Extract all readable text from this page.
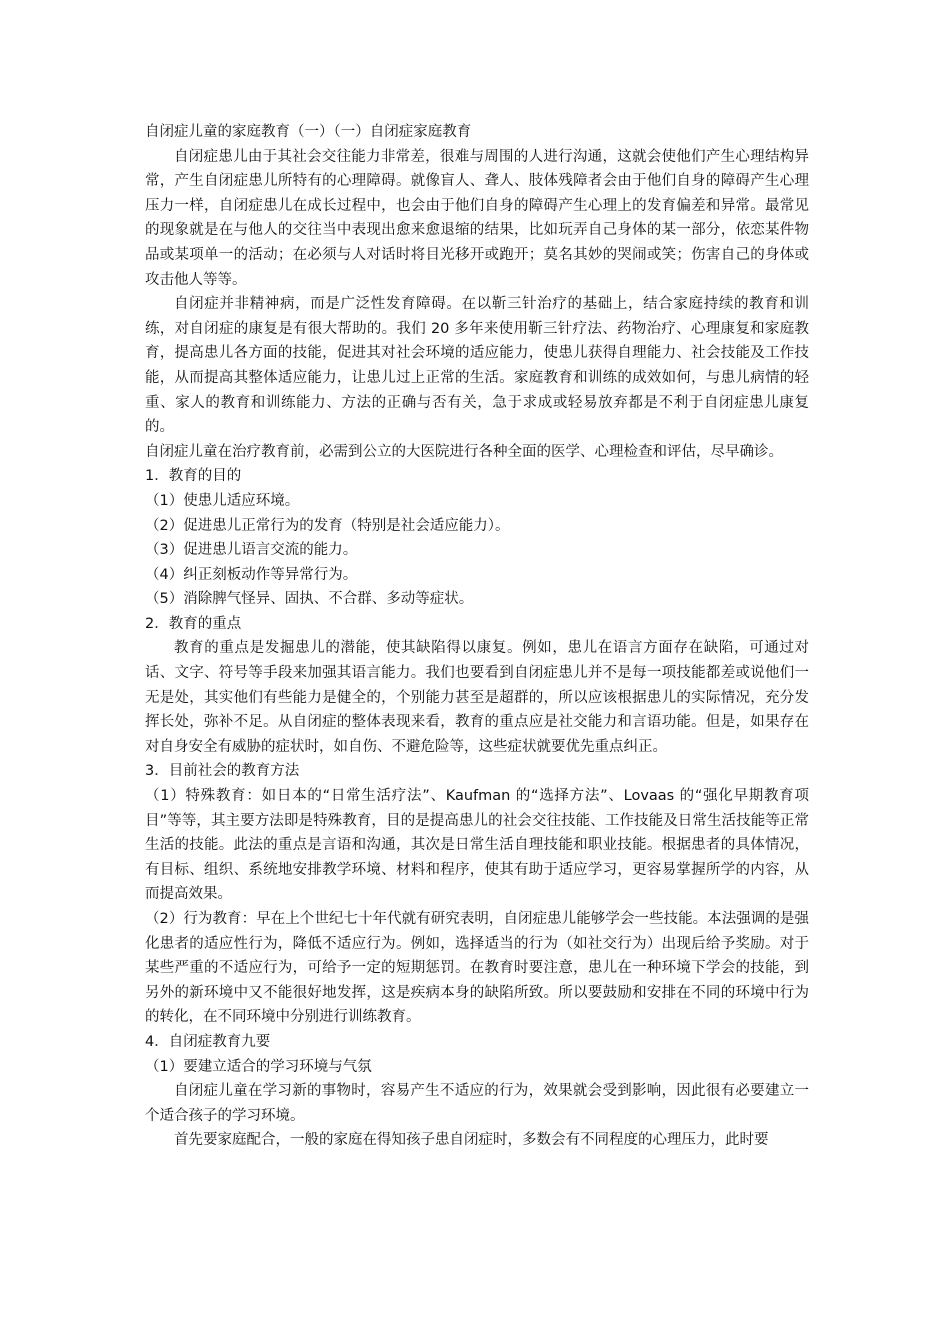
自闭症儿童的家庭教育（一）（一）自闭症家庭教育

自闭症患儿由于其社会交往能力非常差，很难与周围的人进行沟通，这就会使他们产生心理结构异常，产生自闭症患儿所特有的心理障碍。就像盲人、聋人、肢体残障者会由于他们自身的障碍产生心理压力一样，自闭症患儿在成长过程中，也会由于他们自身的障碍产生心理上的发育偏差和异常。最常见的现象就是在与他人的交往当中表现出愈来愈退缩的结果，比如玩弄自己身体的某一部分，依恋某件物品或某项单一的活动；在必须与人对话时将目光移开或跑开；莫名其妙的哭闹或笑；伤害自己的身体或攻击他人等等。

自闭症并非精神病，而是广泛性发育障碍。在以靳三针治疗的基础上，结合家庭持续的教育和训练，对自闭症的康复是有很大帮助的。我们 20 多年来使用靳三针疗法、药物治疗、心理康复和家庭教育，提高患儿各方面的技能，促进其对社会环境的适应能力，使患儿获得自理能力、社会技能及工作技能，从而提高其整体适应能力，让患儿过上正常的生活。家庭教育和训练的成效如何，与患儿病情的轻重、家人的教育和训练能力、方法的正确与否有关，急于求成或轻易放弃都是不利于自闭症患儿康复的。

自闭症儿童在治疗教育前，必需到公立的大医院进行各种全面的医学、心理检查和评估，尽早确诊。

1．教育的目的

（1）使患儿适应环境。

（2）促进患儿正常行为的发育（特别是社会适应能力）。

（3）促进患儿语言交流的能力。

（4）纠正刻板动作等异常行为。

（5）消除脾气怪异、固执、不合群、多动等症状。

2．教育的重点

教育的重点是发掘患儿的潜能，使其缺陷得以康复。例如，患儿在语言方面存在缺陷，可通过对话、文字、符号等手段来加强其语言能力。我们也要看到自闭症患儿并不是每一项技能都差或说他们一无是处，其实他们有些能力是健全的，个别能力甚至是超群的，所以应该根据患儿的实际情况，充分发挥长处，弥补不足。从自闭症的整体表现来看，教育的重点应是社交能力和言语功能。但是，如果存在对自身安全有威胁的症状时，如自伤、不避危险等，这些症状就要优先重点纠正。

3．目前社会的教育方法

（1）特殊教育：如日本的“日常生活疗法”、Kaufman 的“选择方法”、Lovaas 的“强化早期教育项目”等等，其主要方法即是特殊教育，目的是提高患儿的社会交往技能、工作技能及日常生活技能等正常生活的技能。此法的重点是言语和沟通，其次是日常生活自理技能和职业技能。根据患者的具体情况，有目标、组织、系统地安排教学环境、材料和程序，使其有助于适应学习，更容易掌握所学的内容，从而提高效果。

（2）行为教育：早在上个世纪七十年代就有研究表明，自闭症患儿能够学会一些技能。本法强调的是强化患者的适应性行为，降低不适应行为。例如，选择适当的行为（如社交行为）出现后给予奖励。对于某些严重的不适应行为，可给予一定的短期惩罚。在教育时要注意，患儿在一种环境下学会的技能，到另外的新环境中又不能很好地发挥，这是疾病本身的缺陷所致。所以要鼓励和安排在不同的环境中行为的转化，在不同环境中分别进行训练教育。

4．自闭症教育九要

（1）要建立适合的学习环境与气氛

自闭症儿童在学习新的事物时，容易产生不适应的行为，效果就会受到影响，因此很有必要建立一个适合孩子的学习环境。

首先要家庭配合，一般的家庭在得知孩子患自闭症时，多数会有不同程度的心理压力，此时要
